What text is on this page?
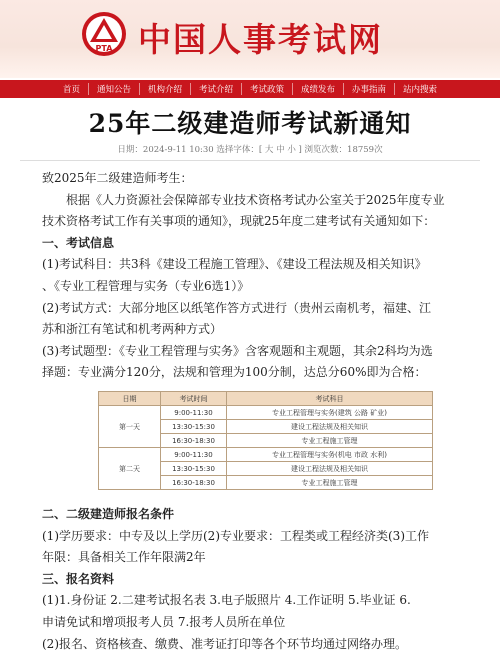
PTA 中国人事考试网
首页	通知公告	机构介绍	考试介绍	考试政策	成绩发布	办事指南	站内搜索
25年二级建造师考试新通知
日期：2024-9-11 10:30 选择字体：[ 大 中 小 ] 浏览次数：18759次

致2025年二级建造师考生：

根据《人力资源社会保障部专业技术资格考试办公室关于2025年度专业

技术资格考试工作有关事项的通知》，现就25年度二建考试有关通知如下：

一、考试信息

(1)考试科目：共3科《建设工程施工管理》、《建设工程法规及相关知识》

、《专业工程管理与实务（专业6选1）》

(2)考试方式：大部分地区以纸笔作答方式进行（贵州云南机考，福建、江

苏和浙江有笔试和机考两种方式）

(3)考试题型：《专业工程管理与实务》含客观题和主观题，其余2科均为选

择题：专业满分120分，法规和管理为100分制，达总分60%即为合格：

日期	考试时间	考试科目
第一天	9:00-11:30	专业工程管理与实务(建筑 公路 矿业)
	13:30-15:30	建设工程法规及相关知识
	16:30-18:30	专业工程施工管理
第二天	9:00-11:30	专业工程管理与实务(机电 市政 水利)
	13:30-15:30	建设工程法规及相关知识
	16:30-18:30	专业工程施工管理

二、二级建造师报名条件

(1)学历要求：中专及以上学历(2)专业要求：工程类或工程经济类(3)工作

年限：具备相关工作年限满2年

三、报名资料

(1)1.身份证 2.二建考试报名表 3.电子版照片 4.工作证明 5.毕业证 6.

申请免试和增项报考人员 7.报考人员所在单位

(2)报名、资格核查、缴费、准考证打印等各个环节均通过网络办理。
